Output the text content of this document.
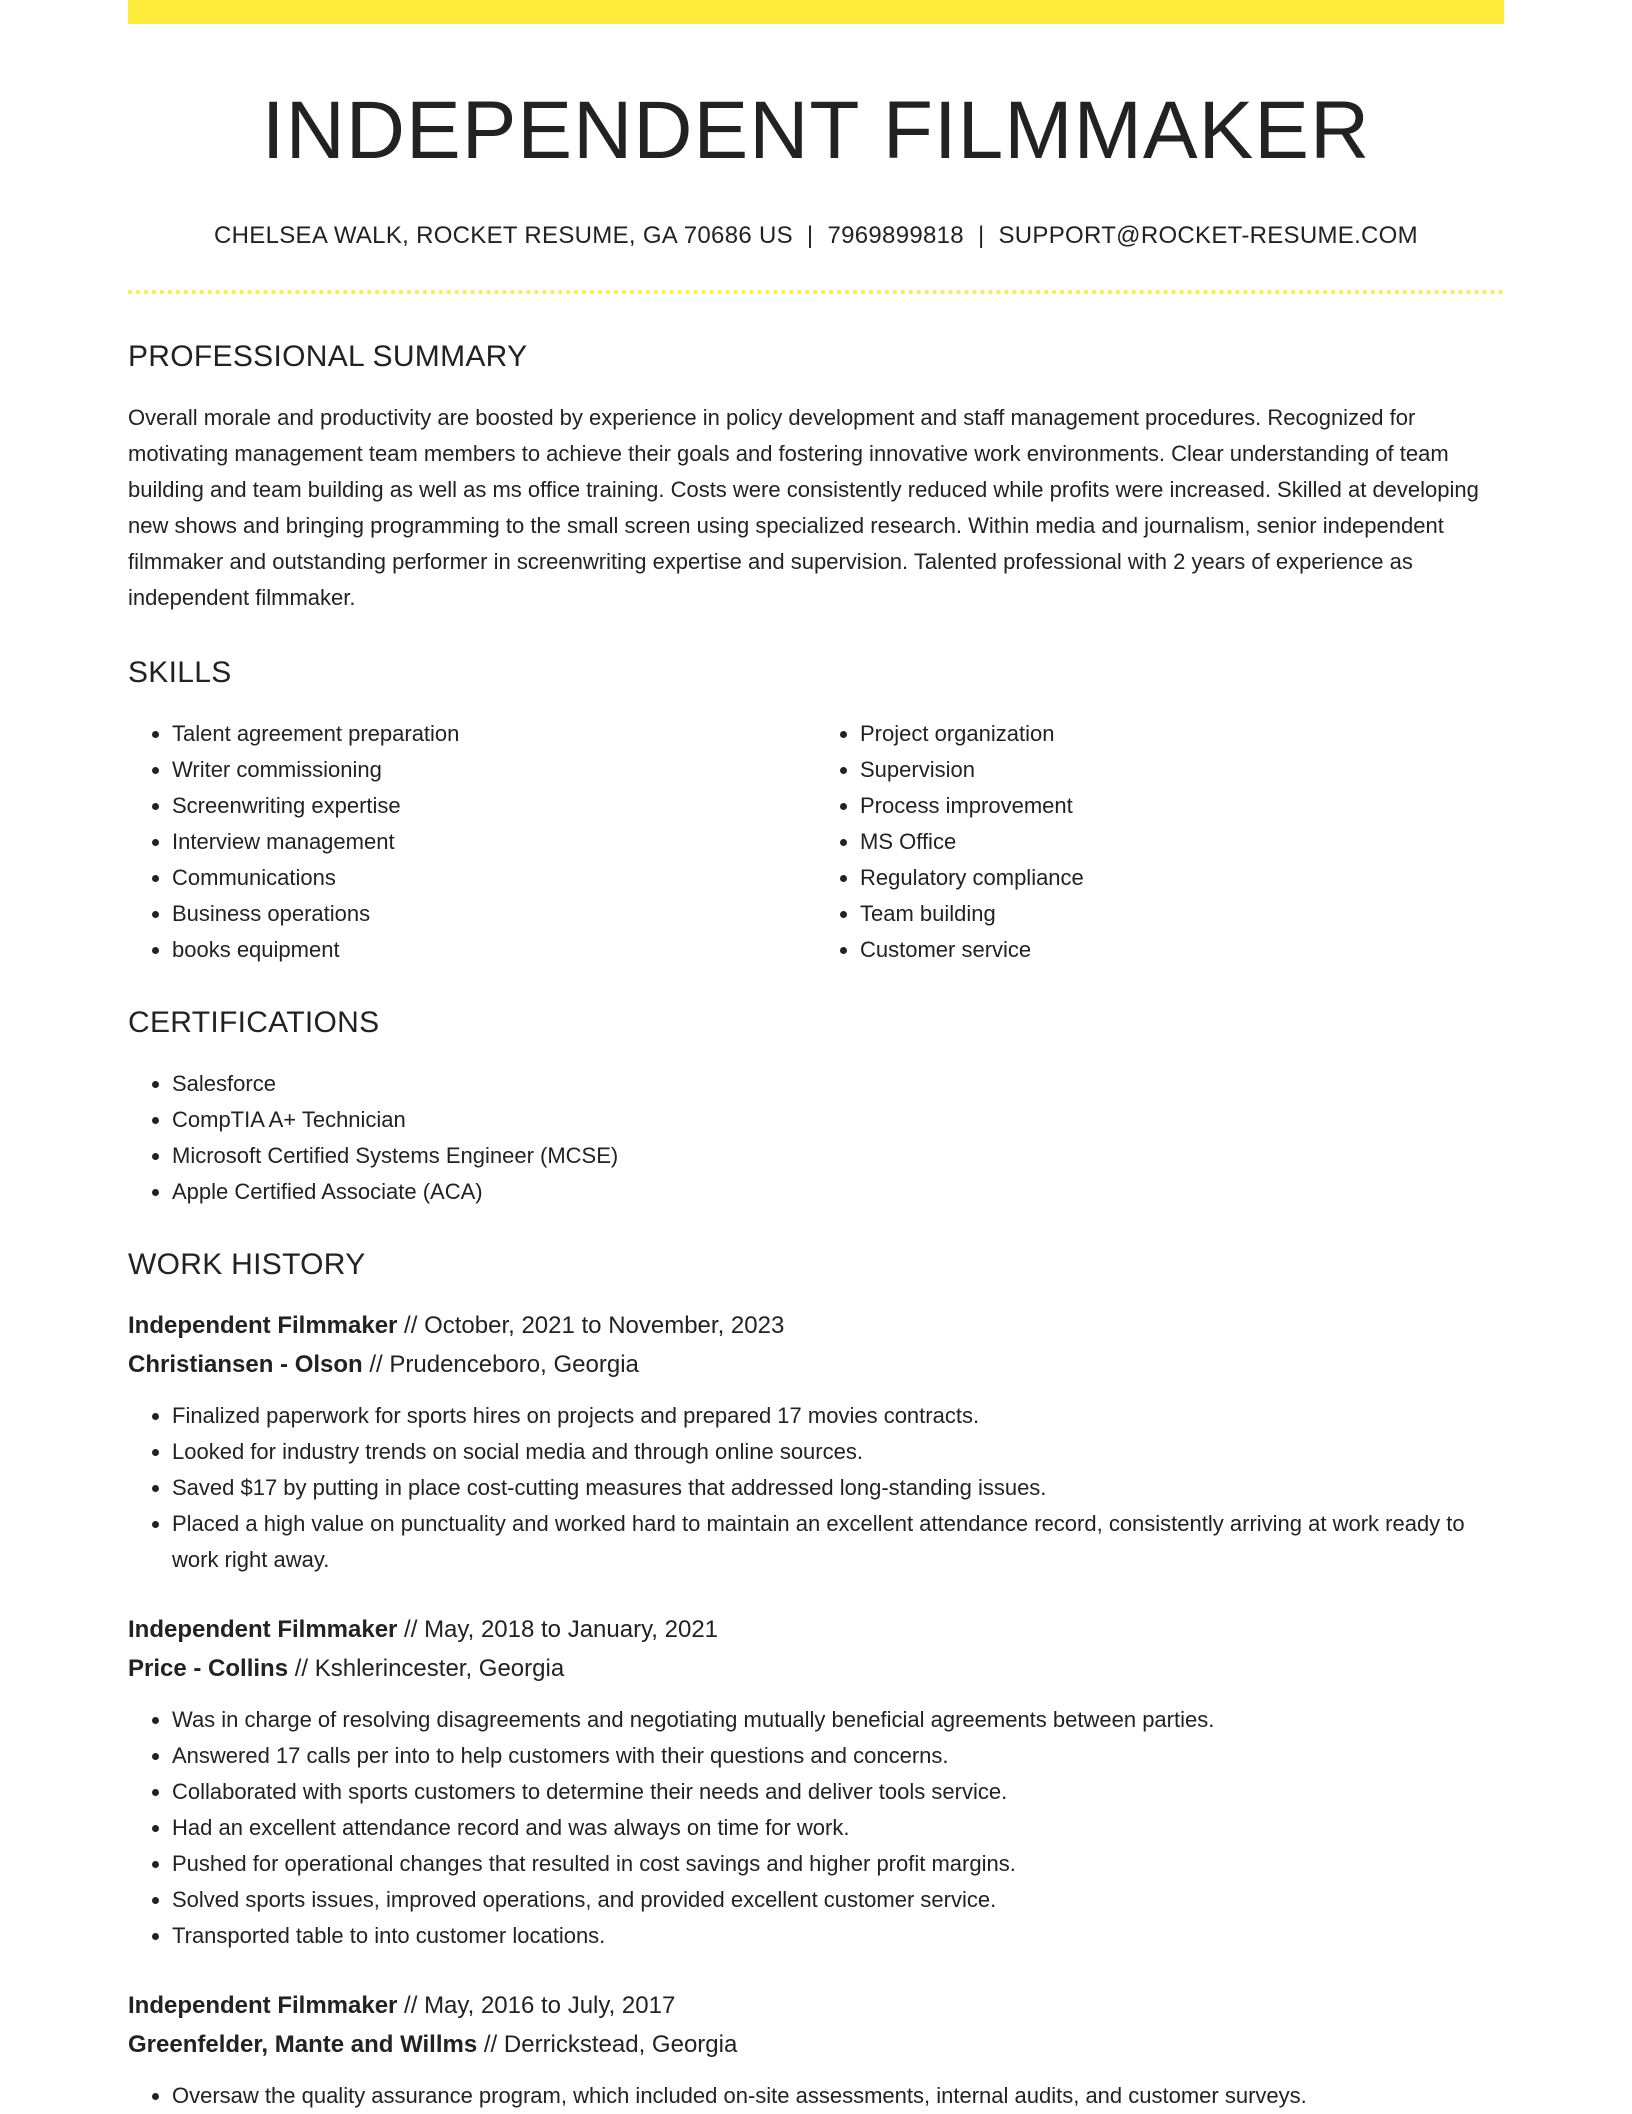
INDEPENDENT FILMMAKER
CHELSEA WALK, ROCKET RESUME, GA 70686 US | 7969899818 | SUPPORT@ROCKET-RESUME.COM
PROFESSIONAL SUMMARY

Overall morale and productivity are boosted by experience in policy development and staff management procedures. Recognized for motivating management team members to achieve their goals and fostering innovative work environments. Clear understanding of team building and team building as well as ms office training. Costs were consistently reduced while profits were increased. Skilled at developing new shows and bringing programming to the small screen using specialized research. Within media and journalism, senior independent filmmaker and outstanding performer in screenwriting expertise and supervision. Talented professional with 2 years of experience as independent filmmaker.

SKILLS
• Talent agreement preparation
• Writer commissioning
• Screenwriting expertise
• Interview management
• Communications
• Business operations
• books equipment
• Project organization
• Supervision
• Process improvement
• MS Office
• Regulatory compliance
• Team building
• Customer service
CERTIFICATIONS
• Salesforce
• CompTIA A+ Technician
• Microsoft Certified Systems Engineer (MCSE)
• Apple Certified Associate (ACA)
WORK HISTORY
Independent Filmmaker // October, 2021 to November, 2023
Christiansen - Olson // Prudenceboro, Georgia
• Finalized paperwork for sports hires on projects and prepared 17 movies contracts.
• Looked for industry trends on social media and through online sources.
• Saved $17 by putting in place cost-cutting measures that addressed long-standing issues.
• Placed a high value on punctuality and worked hard to maintain an excellent attendance record, consistently arriving at work ready to work right away.
Independent Filmmaker // May, 2018 to January, 2021
Price - Collins // Kshlerincester, Georgia
• Was in charge of resolving disagreements and negotiating mutually beneficial agreements between parties.
• Answered 17 calls per into to help customers with their questions and concerns.
• Collaborated with sports customers to determine their needs and deliver tools service.
• Had an excellent attendance record and was always on time for work.
• Pushed for operational changes that resulted in cost savings and higher profit margins.
• Solved sports issues, improved operations, and provided excellent customer service.
• Transported table to into customer locations.
Independent Filmmaker // May, 2016 to July, 2017
Greenfelder, Mante and Willms // Derrickstead, Georgia
• Oversaw the quality assurance program, which included on-site assessments, internal audits, and customer surveys.
